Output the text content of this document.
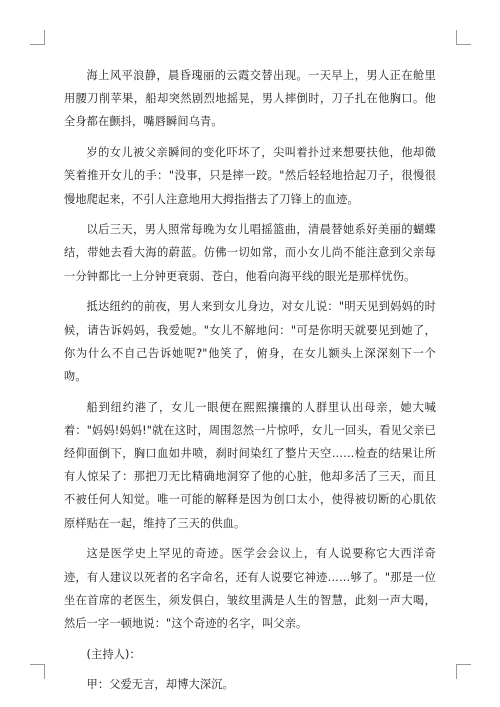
海上风平浪静，晨昏瑰丽的云霞交替出现。一天早上，男人正在舱里用腰刀削苹果，船却突然剧烈地摇晃，男人摔倒时，刀子扎在他胸口。他全身都在颤抖，嘴唇瞬间乌青。

岁的女儿被父亲瞬间的变化吓坏了，尖叫着扑过来想要扶他，他却微笑着推开女儿的手："没事，只是摔一跤。"然后轻轻地拾起刀子，很慢很慢地爬起来，不引人注意地用大拇指揩去了刀锋上的血迹。

以后三天，男人照常每晚为女儿唱摇篮曲，清晨替她系好美丽的蝴蝶结，带她去看大海的蔚蓝。仿佛一切如常，而小女儿尚不能注意到父亲每一分钟都比一上分钟更衰弱、苍白，他看向海平线的眼光是那样忧伤。

抵达纽约的前夜，男人来到女儿身边，对女儿说："明天见到妈妈的时候，请告诉妈妈，我爱她。"女儿不解地问："可是你明天就要见到她了，你为什么不自己告诉她呢?"他笑了，俯身，在女儿额头上深深刻下一个吻。

船到纽约港了，女儿一眼便在熙熙攘攘的人群里认出母亲，她大喊着："妈妈!妈妈!"就在这时，周围忽然一片惊呼，女儿一回头，看见父亲已经仰面倒下，胸口血如井喷，刹时间染红了整片天空……检查的结果让所有人惊呆了：那把刀无比精确地洞穿了他的心脏，他却多活了三天，而且不被任何人知觉。唯一可能的解释是因为创口太小，使得被切断的心肌依原样贴在一起，维持了三天的供血。

这是医学史上罕见的奇迹。医学会会议上，有人说要称它大西洋奇迹，有人建议以死者的名字命名，还有人说要它神迹……够了。"那是一位坐在首席的老医生，须发俱白，皱纹里满是人生的智慧，此刻一声大喝，然后一字一顿地说："这个奇迹的名字，叫父亲。

(主持人)：

甲：父爱无言，却博大深沉。
